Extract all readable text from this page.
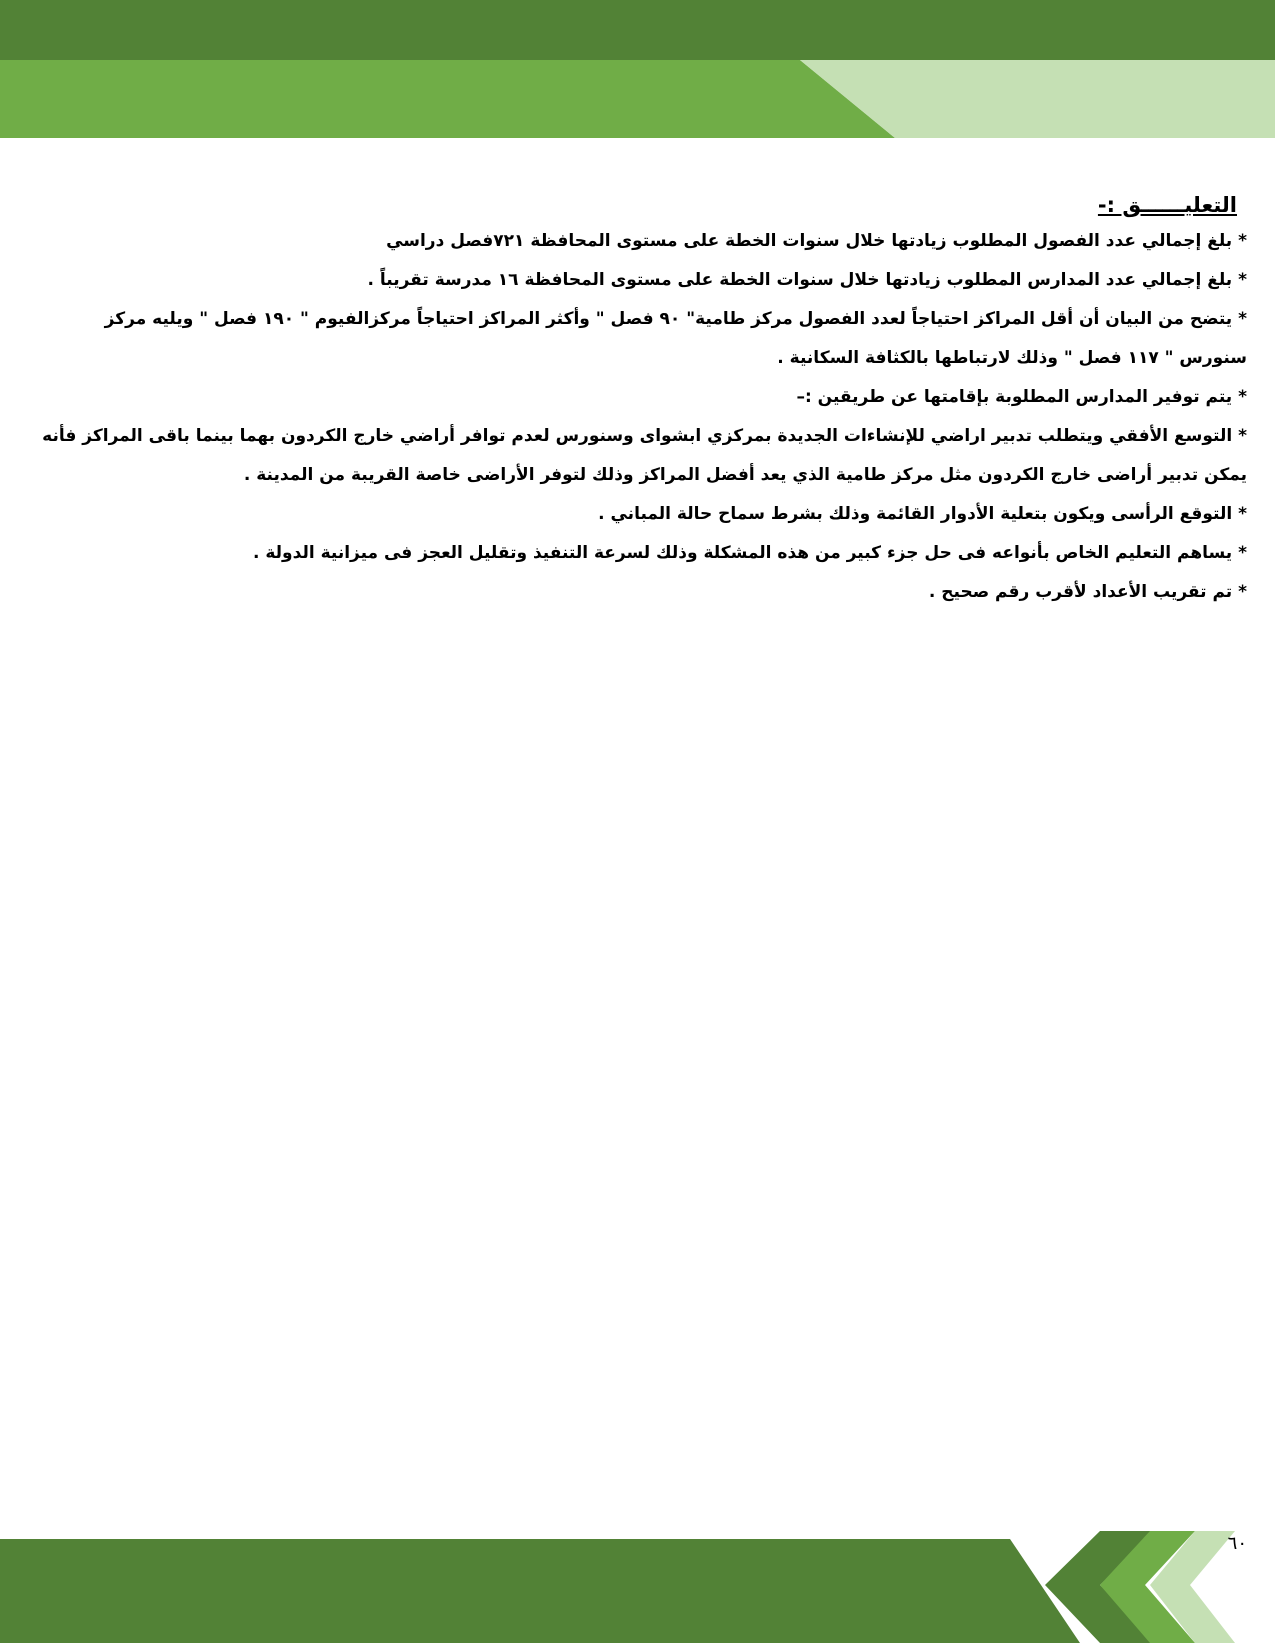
التعليــــــق :-

* بلغ إجمالي عدد الفصول المطلوب زيادتها خلال سنوات الخطة على مستوى المحافظة ٧٢١فصل دراسي

* بلغ إجمالي عدد المدارس المطلوب زيادتها خلال سنوات الخطة على مستوى المحافظة ١٦ مدرسة تقريباً .

* يتضح من البيان أن أقل المراكز احتياجاً لعدد الفصول مركز طامية" ٩٠ فصل " وأكثر المراكز احتياجاً مركزالفيوم " ١٩٠ فصل " ويليه مركز سنورس " ١١٧ فصل " وذلك لارتباطها بالكثافة السكانية .

* يتم توفير المدارس المطلوبة بإقامتها عن طريقين :–

* التوسع الأفقي ويتطلب تدبير اراضي للإنشاءات الجديدة بمركزي ابشواى وسنورس لعدم توافر أراضي خارج الكردون بهما بينما باقى المراكز فأنه يمكن تدبير أراضى خارج الكردون مثل مركز طامية الذي يعد أفضل المراكز وذلك لتوفر الأراضى خاصة القريبة من المدينة .

* التوقع الرأسى ويكون بتعلية الأدوار القائمة وذلك بشرط سماح حالة المباني .

* يساهم التعليم الخاص بأنواعه فى حل جزء كبير من هذه المشكلة وذلك لسرعة التنفيذ وتقليل العجز فى ميزانية الدولة .

* تم تقريب الأعداد لأقرب رقم صحيح .

٦٠
